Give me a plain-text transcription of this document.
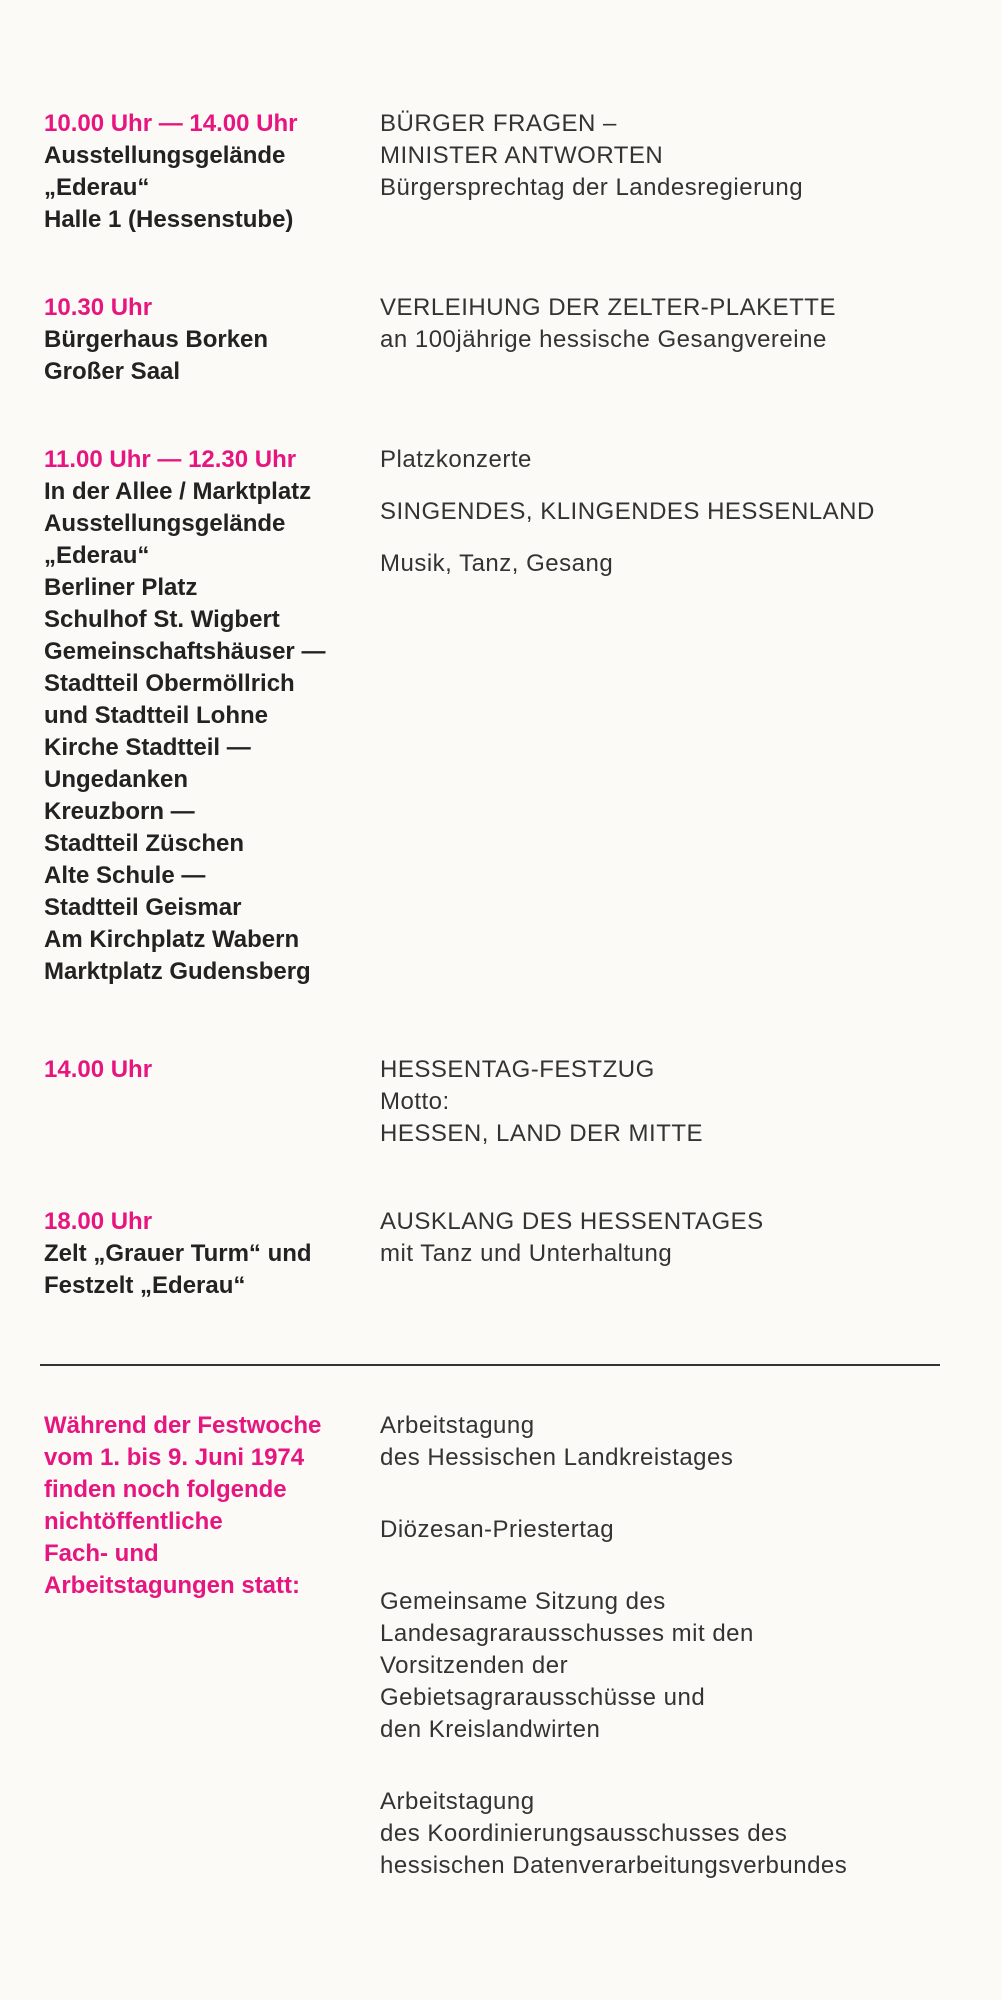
10.00 Uhr — 14.00 Uhr
Ausstellungsgelände
„Ederau“
Halle 1 (Hessenstube)
BÜRGER FRAGEN –
MINISTER ANTWORTEN
Bürgersprechtag der Landesregierung
10.30 Uhr
Bürgerhaus Borken
Großer Saal
VERLEIHUNG DER ZELTER-PLAKETTE
an 100jährige hessische Gesangvereine
11.00 Uhr — 12.30 Uhr
In der Allee / Marktplatz
Ausstellungsgelände
„Ederau“
Berliner Platz
Schulhof St. Wigbert
Gemeinschaftshäuser —
Stadtteil Obermöllrich
und Stadtteil Lohne
Kirche Stadtteil —
Ungedanken
Kreuzborn —
Stadtteil Züschen
Alte Schule —
Stadtteil Geismar
Am Kirchplatz Wabern
Marktplatz Gudensberg
Platzkonzerte
SINGENDES, KLINGENDES HESSENLAND
Musik, Tanz, Gesang
14.00 Uhr	HESSENTAG-FESTZUG
Motto:
HESSEN, LAND DER MITTE
18.00 Uhr
Zelt „Grauer Turm“ und
Festzelt „Ederau“
AUSKLANG DES HESSENTAGES
mit Tanz und Unterhaltung
Während der Festwoche
vom 1. bis 9. Juni 1974
finden noch folgende
nichtöffentliche
Fach- und
Arbeitstagungen statt:
Arbeitstagung
des Hessischen Landkreistages
Diözesan-Priestertag
Gemeinsame Sitzung des
Landesagrarausschusses mit den
Vorsitzenden der
Gebietsagrarausschüsse und
den Kreislandwirten
Arbeitstagung
des Koordinierungsausschusses des
hessischen Datenverarbeitungsverbundes
